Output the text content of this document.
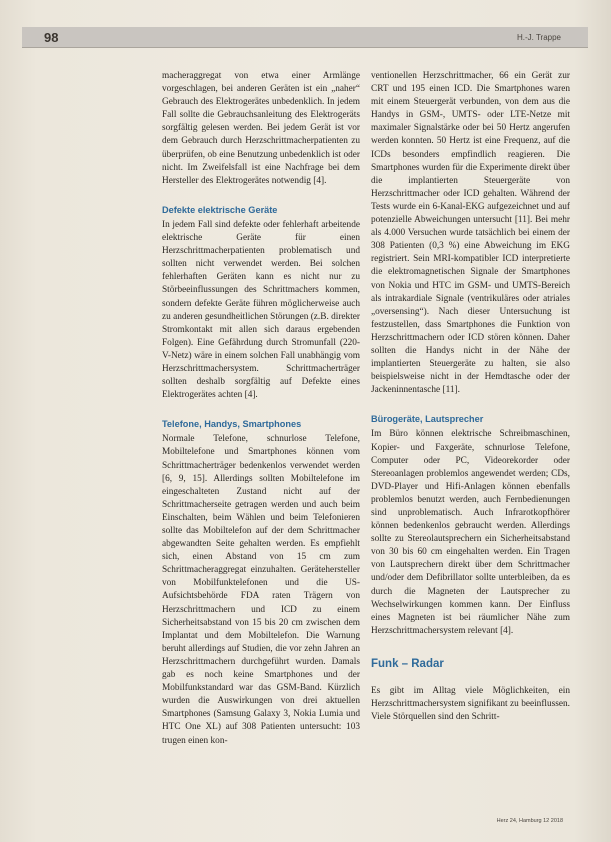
98	H.-J. Trappe

macheraggregat von etwa einer Armlänge vorgeschlagen, bei anderen Geräten ist ein „naher“ Gebrauch des Elektrogerätes unbedenklich. In jedem Fall sollte die Gebrauchsanleitung des Elektrogeräts sorgfältig gelesen werden. Bei jedem Gerät ist vor dem Gebrauch durch Herzschrittmacherpatienten zu überprüfen, ob eine Benutzung unbedenklich ist oder nicht. Im Zweifelsfall ist eine Nachfrage bei dem Hersteller des Elektrogerätes notwendig [4].

Defekte elektrische Geräte

In jedem Fall sind defekte oder fehlerhaft arbeitende elektrische Geräte für einen Herzschrittmacherpatienten problematisch und sollten nicht verwendet werden. Bei solchen fehlerhaften Geräten kann es nicht nur zu Störbeeinflussungen des Schrittmachers kommen, sondern defekte Geräte führen möglicherweise auch zu anderen gesundheitlichen Störungen (z.B. direkter Stromkontakt mit allen sich daraus ergebenden Folgen). Eine Gefährdung durch Stromunfall (220-V-Netz) wäre in einem solchen Fall unabhängig vom Herzschrittmachersystem. Schrittmacherträger sollten deshalb sorgfältig auf Defekte eines Elektrogerätes achten [4].

Telefone, Handys, Smartphones

Normale Telefone, schnurlose Telefone, Mobiltelefone und Smartphones können vom Schrittmacherträger bedenkenlos verwendet werden [6, 9, 15]. Allerdings sollten Mobiltelefone im eingeschalteten Zustand nicht auf der Schrittmacherseite getragen werden und auch beim Einschalten, beim Wählen und beim Telefonieren sollte das Mobiltelefon auf der dem Schrittmacher abgewandten Seite gehalten werden. Es empfiehlt sich, einen Abstand von 15 cm zum Schrittmacheraggregat einzuhalten. Gerätehersteller von Mobilfunktelefonen und die US-Aufsichtsbehörde FDA raten Trägern von Herzschrittmachern und ICD zu einem Sicherheitsabstand von 15 bis 20 cm zwischen dem Implantat und dem Mobiltelefon. Die Warnung beruht allerdings auf Studien, die vor zehn Jahren an Herzschrittmachern durchgeführt wurden. Damals gab es noch keine Smartphones und der Mobilfunkstandard war das GSM-Band. Kürzlich wurden die Auswirkungen von drei aktuellen Smartphones (Samsung Galaxy 3, Nokia Lumia und HTC One XL) auf 308 Patienten untersucht: 103 trugen einen kon-

ventionellen Herzschrittmacher, 66 ein Gerät zur CRT und 195 einen ICD. Die Smartphones waren mit einem Steuergerät verbunden, von dem aus die Handys in GSM-, UMTS- oder LTE-Netze mit maximaler Signalstärke oder bei 50 Hertz angerufen werden konnten. 50 Hertz ist eine Frequenz, auf die ICDs besonders empfindlich reagieren. Die Smartphones wurden für die Experimente direkt über die implantierten Steuergeräte von Herzschrittmacher oder ICD gehalten. Während der Tests wurde ein 6-Kanal-EKG aufgezeichnet und auf potenzielle Abweichungen untersucht [11]. Bei mehr als 4.000 Versuchen wurde tatsächlich bei einem der 308 Patienten (0,3 %) eine Abweichung im EKG registriert. Sein MRI-kompatibler ICD interpretierte die elektromagnetischen Signale der Smartphones von Nokia und HTC im GSM- und UMTS-Bereich als intrakardiale Signale (ventrikuläres oder atriales „oversensing“). Nach dieser Untersuchung ist festzustellen, dass Smartphones die Funktion von Herzschrittmachern oder ICD stören können. Daher sollten die Handys nicht in der Nähe der implantierten Steuergeräte zu halten, sie also beispielsweise nicht in der Hemdtasche oder der Jackeninnentasche [11].

Bürogeräte, Lautsprecher

Im Büro können elektrische Schreibmaschinen, Kopier- und Faxgeräte, schnurlose Telefone, Computer oder PC, Videorekorder oder Stereoanlagen problemlos angewendet werden; CDs, DVD-Player und Hifi-Anlagen können ebenfalls problemlos benutzt werden, auch Fernbedienungen sind unproblematisch. Auch Infrarotkopfhörer können bedenkenlos gebraucht werden. Allerdings sollte zu Stereolautsprechern ein Sicherheitsabstand von 30 bis 60 cm eingehalten werden. Ein Tragen von Lautsprechern direkt über dem Schrittmacher und/oder dem Defibrillator sollte unterbleiben, da es durch die Magneten der Lautsprecher zu Wechselwirkungen kommen kann. Der Einfluss eines Magneten ist bei räumlicher Nähe zum Herzschrittmachersystem relevant [4].

Funk – Radar

Es gibt im Alltag viele Möglichkeiten, ein Herzschrittmachersystem signifikant zu beeinflussen. Viele Störquellen sind den Schritt-

Herz 24, Hamburg 12 2018
